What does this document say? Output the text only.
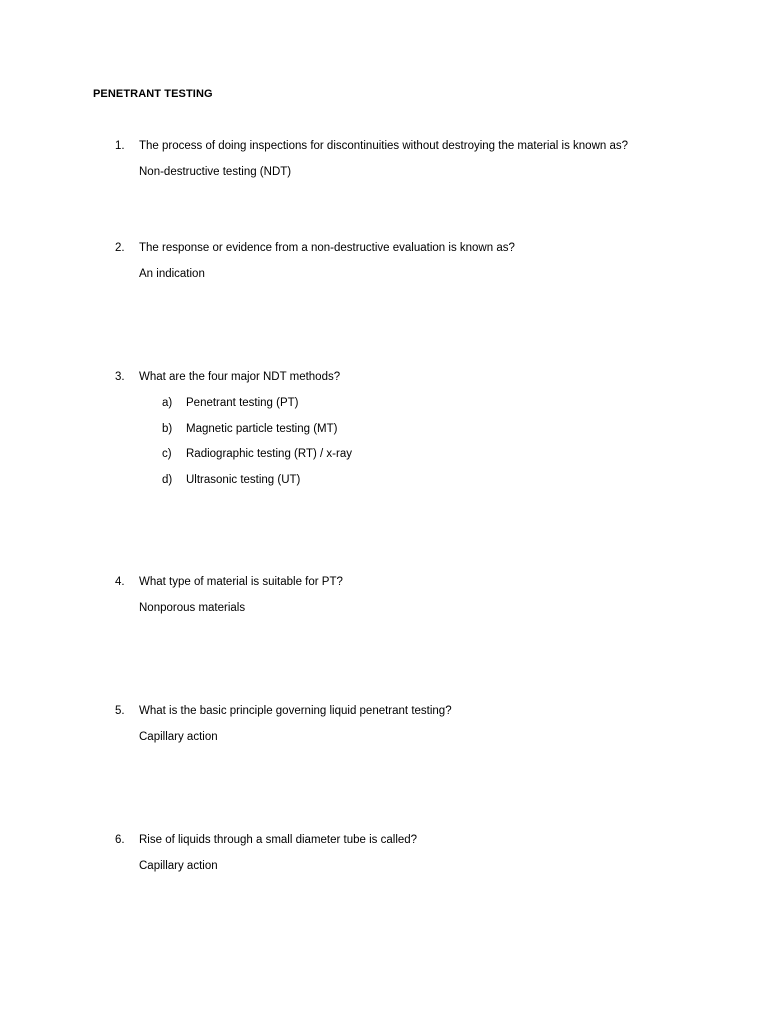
PENETRANT TESTING
1. The process of doing inspections for discontinuities without destroying the material is known as?
Non-destructive testing (NDT)
2. The response or evidence from a non-destructive evaluation is known as?
An indication
3. What are the four major NDT methods?
a) Penetrant testing (PT)
b) Magnetic particle testing (MT)
c) Radiographic testing (RT) / x-ray
d) Ultrasonic testing (UT)
4. What type of material is suitable for PT?
Nonporous materials
5. What is the basic principle governing liquid penetrant testing?
Capillary action
6. Rise of liquids through a small diameter tube is called?
Capillary action
